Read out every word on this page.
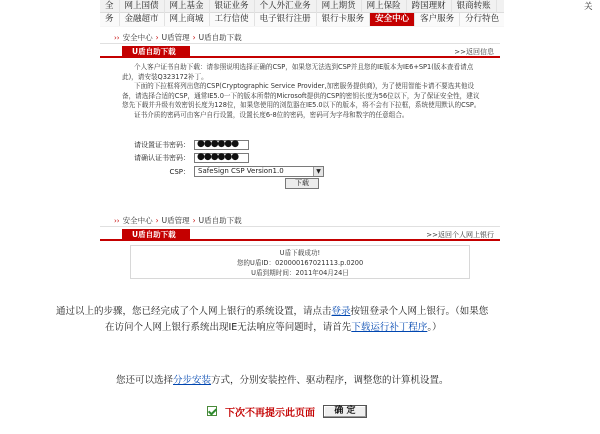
全	网上国债	网上基金	银证业务	个人外汇业务	网上期货	网上保险	跨国理财	银商转账
务	金融超市	网上商城	工行信使	电子银行注册	银行卡服务	安全中心	客户服务	分行特色
关
›› 安全中心 › U盾管理 › U盾自助下载
U盾自助下载	>>返回信息

个人客户证书自助下载：请参照说明选择正确的CSP，如果您无法选到CSP并且您的IE版本为IE6+SP1(版本查看请点此)，请安装Q323172补丁。

下面的下拉框将列出您的CSP(Cryptographic Service Provider,加密服务提供商)，为了使用智能卡请不要选其他设备，请选择合适的CSP，通常IE5.0一下的版本所带的Microsoft提供的CSP的密钥长度为56位以下，为了保证安全性，建议您先下载并升级有效密钥长度为128位，如果您使用的浏览器在IE5.0以下的版本，将不会有下拉框，系统使用默认的CSP。

证书介质的密码可由客户自行设置，设置长度6-8位的密码，密码可为字母和数字的任意组合。

请设置证书密码： ●●●●●●
请确认证书密码： ●●●●●●
CSP：	SafeSign CSP Version1.0	▼
下载
›› 安全中心 › U盾管理 › U盾自助下载
U盾自助下载	>>返回个人网上银行
U盾下载成功!
您的U盾ID：020000167021113.p.0200
U盾到期时间：2011年04月24日
通过以上的步骤，您已经完成了个人网上银行的系统设置，请点击登录按钮登录个人网上银行。（如果您
在访问个人网上银行系统出现IE无法响应等问题时，请首先下载运行补丁程序。）
您还可以选择分步安装方式，分别安装控件、驱动程序，调整您的计算机设置。
下次不再提示此页面	确 定
